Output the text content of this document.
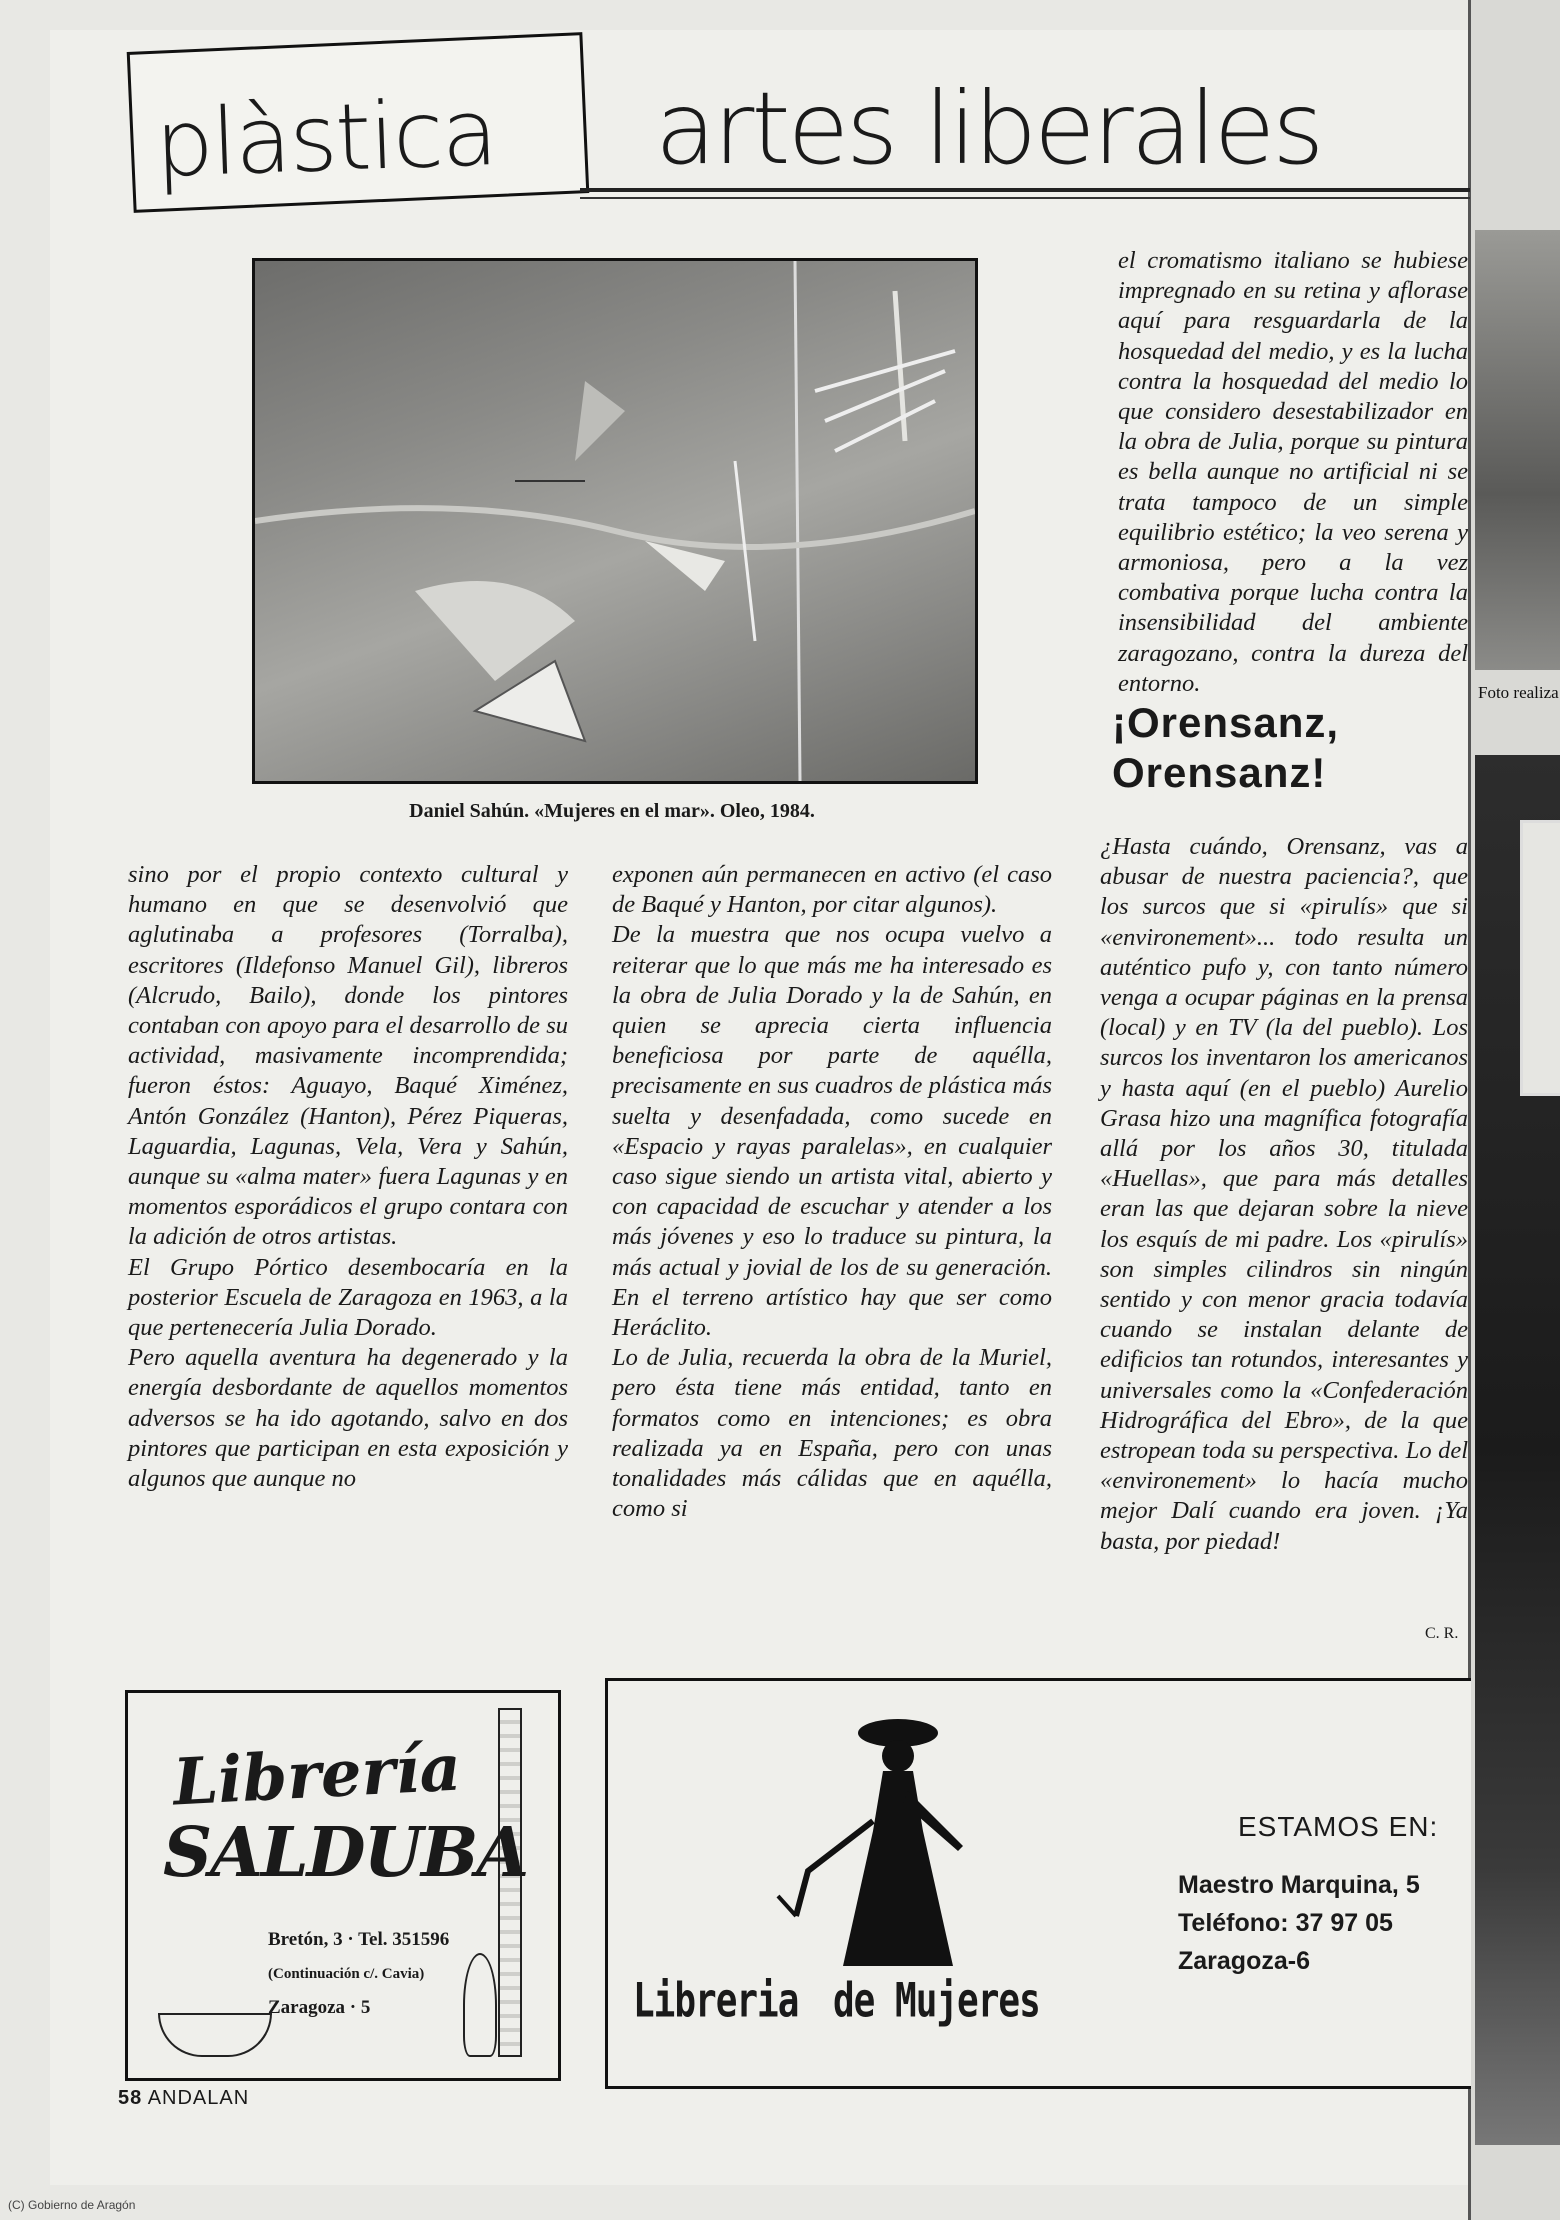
Foto realiza
plàstica artes liberales
Daniel Sahún. «Mujeres en el mar». Oleo, 1984.

sino por el propio contexto cultural y humano en que se desenvolvió que aglutinaba a profesores (Torralba), escritores (Ildefonso Manuel Gil), libreros (Alcrudo, Bailo), donde los pintores contaban con apoyo para el desarrollo de su actividad, masivamente incomprendida; fueron éstos: Aguayo, Baqué Ximénez, Antón González (Hanton), Pérez Piqueras, Laguardia, Lagunas, Vela, Vera y Sahún, aunque su «alma mater» fuera Lagunas y en momentos esporádicos el grupo contara con la adición de otros artistas.

El Grupo Pórtico desembocaría en la posterior Escuela de Zaragoza en 1963, a la que pertenecería Julia Dorado.

Pero aquella aventura ha degenerado y la energía desbordante de aquellos momentos adversos se ha ido agotando, salvo en dos pintores que participan en esta exposición y algunos que aunque no

exponen aún permanecen en activo (el caso de Baqué y Hanton, por citar algunos).

De la muestra que nos ocupa vuelvo a reiterar que lo que más me ha interesado es la obra de Julia Dorado y la de Sahún, en quien se aprecia cierta influencia beneficiosa por parte de aquélla, precisamente en sus cuadros de plástica más suelta y desenfadada, como sucede en «Espacio y rayas paralelas», en cualquier caso sigue siendo un artista vital, abierto y con capacidad de escuchar y atender a los más jóvenes y eso lo traduce su pintura, la más actual y jovial de los de su generación. En el terreno artístico hay que ser como Heráclito.

Lo de Julia, recuerda la obra de la Muriel, pero ésta tiene más entidad, tanto en formatos como en intenciones; es obra realizada ya en España, pero con unas tonalidades más cálidas que en aquélla, como si

el cromatismo italiano se hubiese impregnado en su retina y aflorase aquí para resguardarla de la hosquedad del medio, y es la lucha contra la hosquedad del medio lo que considero desestabilizador en la obra de Julia, porque su pintura es bella aunque no artificial ni se trata tampoco de un simple equilibrio estético; la veo serena y armoniosa, pero a la vez combativa porque lucha contra la insensibilidad del ambiente zaragozano, contra la dureza del entorno.

¡Orensanz, Orensanz!

¿Hasta cuándo, Orensanz, vas a abusar de nuestra paciencia?, que los surcos que si «pirulís» que si «environement»... todo resulta un auténtico pufo y, con tanto número venga a ocupar páginas en la prensa (local) y en TV (la del pueblo). Los surcos los inventaron los americanos y hasta aquí (en el pueblo) Aurelio Grasa hizo una magnífica fotografía allá por los años 30, titulada «Huellas», que para más detalles eran las que dejaran sobre la nieve los esquís de mi padre. Los «pirulís» son simples cilindros sin ningún sentido y con menor gracia todavía cuando se instalan delante de edificios tan rotundos, interesantes y universales como la «Confederación Hidrográfica del Ebro», de la que estropean toda su perspectiva. Lo del «environement» lo hacía mucho mejor Dalí cuando era joven. ¡Ya basta, por piedad!

C. R.
Librería
SALDUBA
Bretón, 3 · Tel. 351596
(Continuación c/. Cavia)
Zaragoza · 5	Libreria de Mujeres
ESTAMOS EN:
Maestro Marquina, 5
Teléfono: 37 97 05
Zaragoza-6
58 ANDALAN
(C) Gobierno de Aragón
